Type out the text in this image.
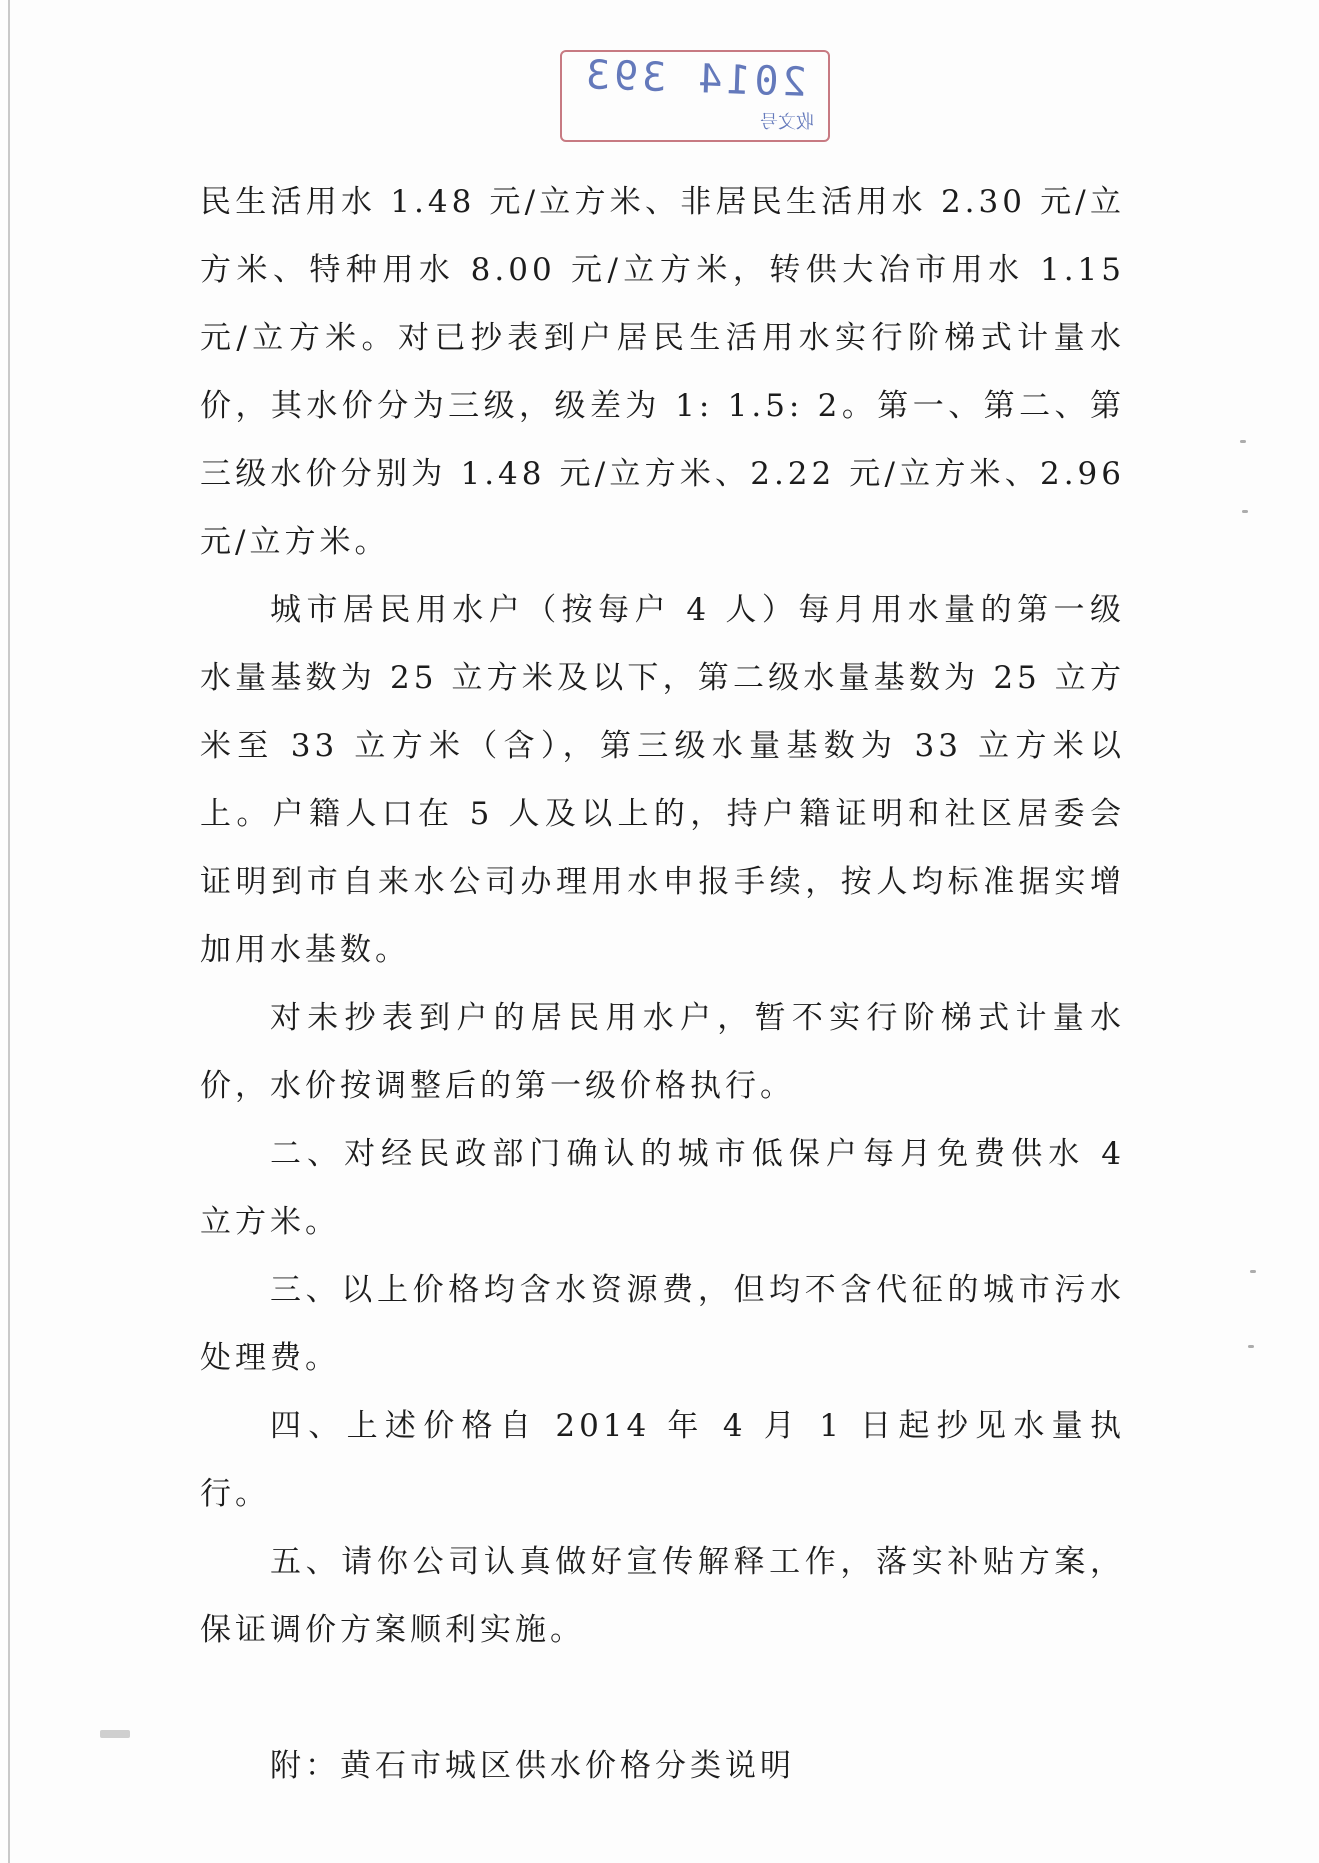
2014 393
收文号

民生活用水 1.48 元/立方米、非居民生活用水 2.30 元/立方米、特种用水 8.00 元/立方米，转供大冶市用水 1.15 元/立方米。对已抄表到户居民生活用水实行阶梯式计量水价，其水价分为三级，级差为 1: 1.5: 2。第一、第二、第三级水价分别为 1.48 元/立方米、2.22 元/立方米、2.96 元/立方米。

城市居民用水户（按每户 4 人）每月用水量的第一级水量基数为 25 立方米及以下，第二级水量基数为 25 立方米至 33 立方米（含），第三级水量基数为 33 立方米以上。户籍人口在 5 人及以上的，持户籍证明和社区居委会证明到市自来水公司办理用水申报手续，按人均标准据实增加用水基数。

对未抄表到户的居民用水户，暂不实行阶梯式计量水价，水价按调整后的第一级价格执行。

二、对经民政部门确认的城市低保户每月免费供水 4 立方米。

三、以上价格均含水资源费，但均不含代征的城市污水处理费。

四、上述价格自 2014 年 4 月 1 日起抄见水量执行。

五、请你公司认真做好宣传解释工作，落实补贴方案，保证调价方案顺利实施。

附：黄石市城区供水价格分类说明
